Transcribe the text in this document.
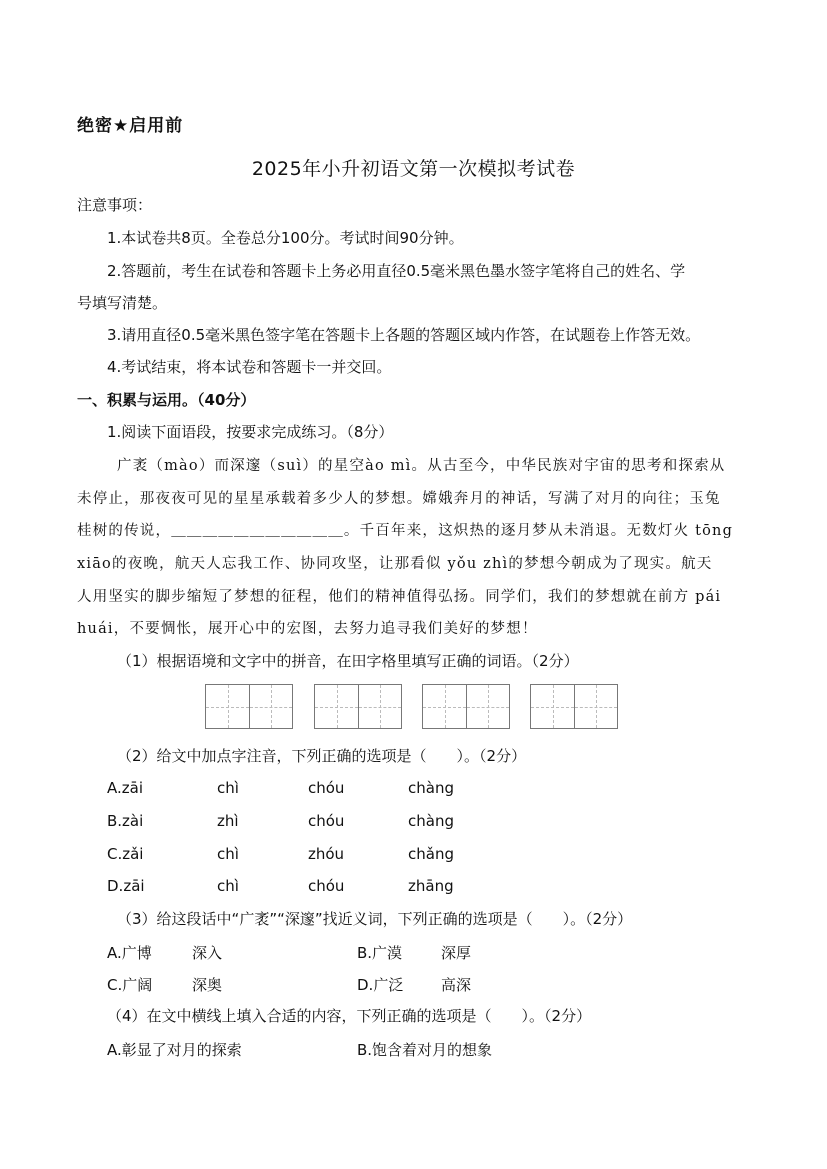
绝密★启用前
2025年小升初语文第一次模拟考试卷
注意事项：
1.本试卷共8页。全卷总分100分。考试时间90分钟。
2.答题前，考生在试卷和答题卡上务必用直径0.5毫米黑色墨水签字笔将自己的姓名、学
号填写清楚。
3.请用直径0.5毫米黑色签字笔在答题卡上各题的答题区域内作答，在试题卷上作答无效。
4.考试结束，将本试卷和答题卡一并交回。
一、积累与运用。（40分）
1.阅读下面语段，按要求完成练习。（8分）
广袤（mào）而深邃（suì）的星空ào mì。从古至今，中华民族对宇宙的思考和探索从
未停止，那夜夜可见的星星承载着多少人的梦想。嫦娥奔月的神话，写满了对月的向往；玉兔
桂树的传说，＿＿＿＿＿＿＿＿＿＿＿。千百年来，这炽热的逐月梦从未消退。无数灯火 tōng
xiāo的夜晚，航天人忘我工作、协同攻坚，让那看似 yǒu zhì的梦想今朝成为了现实。航天
人用坚实的脚步缩短了梦想的征程，他们的精神值得弘扬。同学们，我们的梦想就在前方 pái
huái，不要惆怅，展开心中的宏图，去努力追寻我们美好的梦想！
（1）根据语境和文字中的拼音，在田字格里填写正确的词语。（2分）
（2）给文中加点字注音，下列正确的选项是（　　）。（2分）
A.zāi	chì	chóu	chàng
B.zài	zhì	chóu	chàng
C.zǎi	chì	zhóu	chǎng
D.zāi	chì	chóu	zhāng
（3）给这段话中“广袤”“深邃”找近义词，下列正确的选项是（　　）。（2分）
A.广博	深入	B.广漠	深厚
C.广阔	深奥	D.广泛	高深
（4）在文中横线上填入合适的内容，下列正确的选项是（　　）。（2分）
A.彰显了对月的探索	B.饱含着对月的想象
